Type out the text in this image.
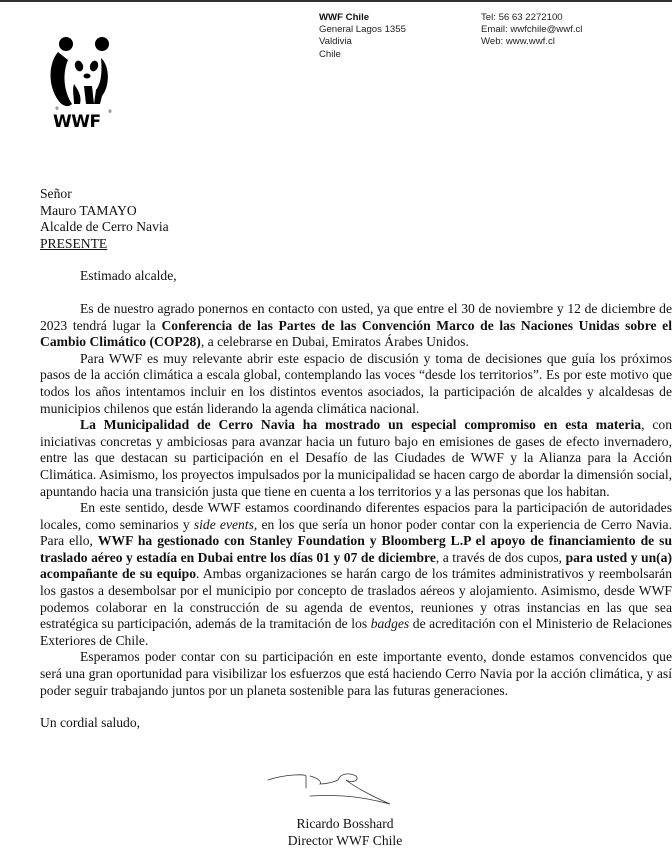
®
®
WWF
WWF Chile
General Lagos 1355
Valdivia
Chile
Tel: 56 63 2272100
Email: wwfchile@wwf.cl
Web: www.wwf.cl
Señor
Mauro TAMAYO
Alcalde de Cerro Navia
PRESENTE
Estimado alcalde,

Es de nuestro agrado ponernos en contacto con usted, ya que entre el 30 de noviembre y 12 de diciembre de 2023 tendrá lugar la Conferencia de las Partes de las Convención Marco de las Naciones Unidas sobre el Cambio Climático (COP28), a celebrarse en Dubai, Emiratos Árabes Unidos.

Para WWF es muy relevante abrir este espacio de discusión y toma de decisiones que guía los próximos pasos de la acción climática a escala global, contemplando las voces “desde los territorios”. Es por este motivo que todos los años intentamos incluir en los distintos eventos asociados, la participación de alcaldes y alcaldesas de municipios chilenos que están liderando la agenda climática nacional.

La Municipalidad de Cerro Navia ha mostrado un especial compromiso en esta materia, con iniciativas concretas y ambiciosas para avanzar hacia un futuro bajo en emisiones de gases de efecto invernadero, entre las que destacan su participación en el Desafío de las Ciudades de WWF y la Alianza para la Acción Climática. Asimismo, los proyectos impulsados por la municipalidad se hacen cargo de abordar la dimensión social, apuntando hacia una transición justa que tiene en cuenta a los territorios y a las personas que los habitan.

En este sentido, desde WWF estamos coordinando diferentes espacios para la participación de autoridades locales, como seminarios y side events, en los que sería un honor poder contar con la experiencia de Cerro Navia. Para ello, WWF ha gestionado con Stanley Foundation y Bloomberg L.P el apoyo de financiamiento de su traslado aéreo y estadía en Dubai entre los días 01 y 07 de diciembre, a través de dos cupos, para usted y un(a) acompañante de su equipo. Ambas organizaciones se harán cargo de los trámites administrativos y reembolsarán los gastos a desembolsar por el municipio por concepto de traslados aéreos y alojamiento. Asimismo, desde WWF podemos colaborar en la construcción de su agenda de eventos, reuniones y otras instancias en las que sea estratégica su participación, además de la tramitación de los badges de acreditación con el Ministerio de Relaciones Exteriores de Chile.

Esperamos poder contar con su participación en este importante evento, donde estamos convencidos que será una gran oportunidad para visibilizar los esfuerzos que está haciendo Cerro Navia por la acción climática, y así poder seguir trabajando juntos por un planeta sostenible para las futuras generaciones.

Un cordial saludo,
Ricardo Bosshard
Director WWF Chile
